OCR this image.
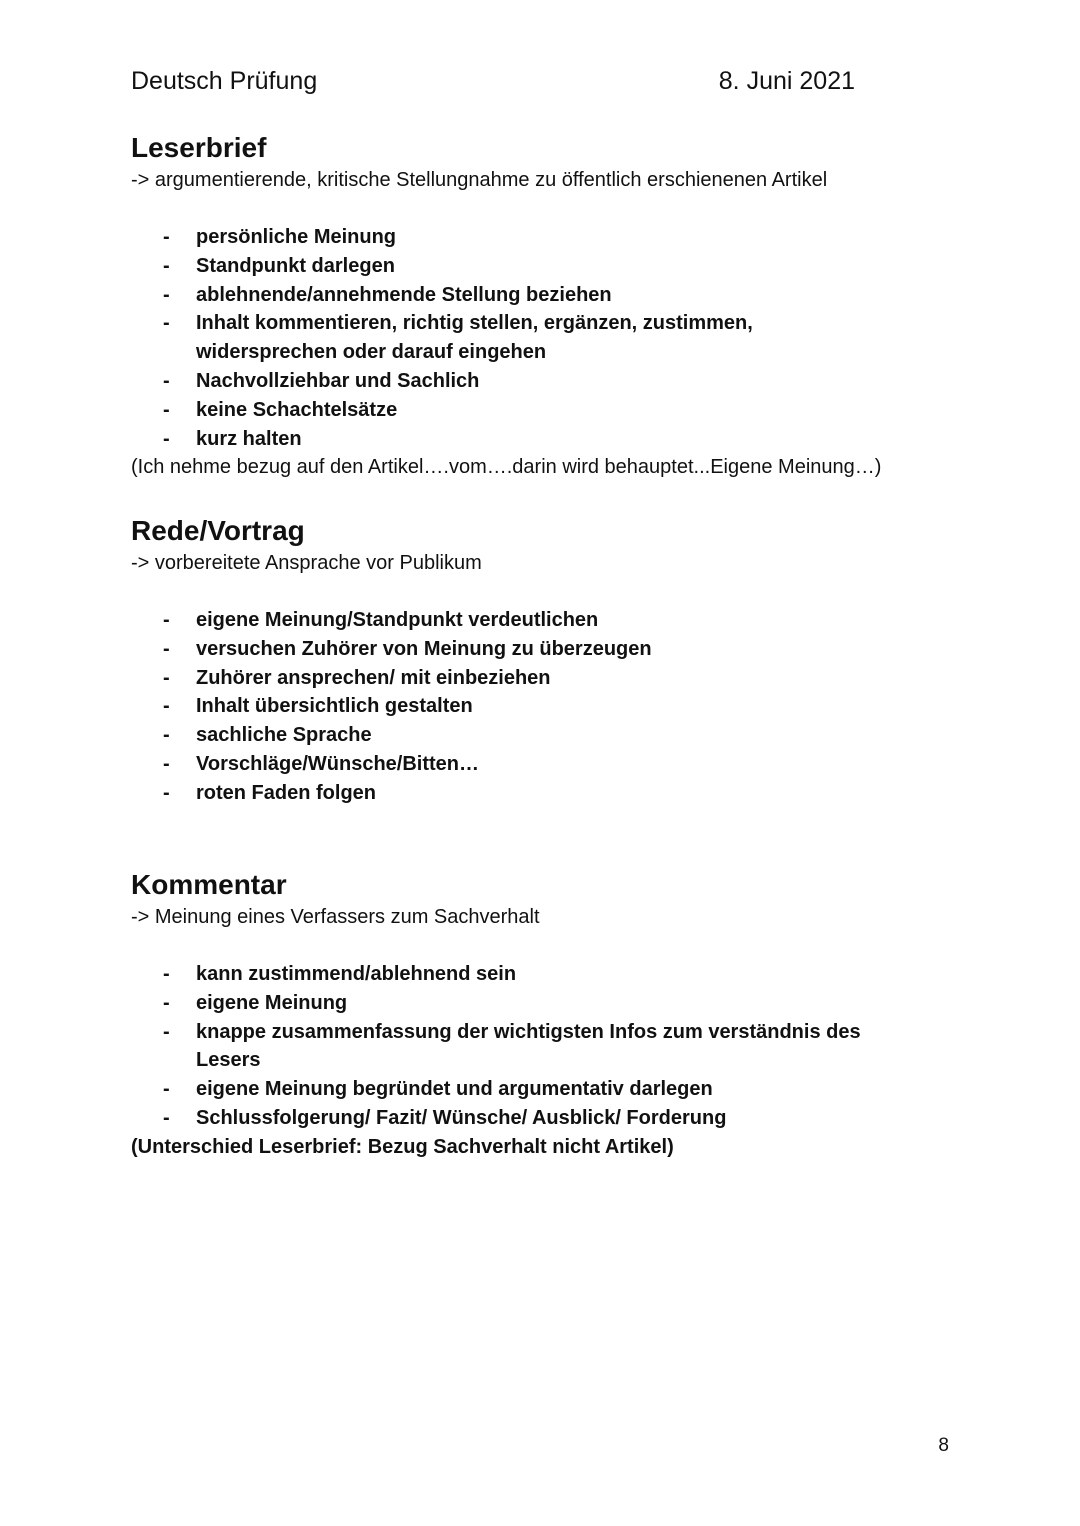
Deutsch Prüfung	8. Juni 2021
Leserbrief
-> argumentierende, kritische Stellungnahme zu öffentlich erschienenen Artikel
- persönliche Meinung
- Standpunkt darlegen
- ablehnende/annehmende Stellung beziehen
- Inhalt kommentieren, richtig stellen, ergänzen, zustimmen, widersprechen oder darauf eingehen
- Nachvollziehbar und Sachlich
- keine Schachtelsätze
- kurz halten
(Ich nehme bezug auf den Artikel….vom….darin wird behauptet...Eigene Meinung…)
Rede/Vortrag
-> vorbereitete Ansprache vor Publikum
- eigene Meinung/Standpunkt verdeutlichen
- versuchen Zuhörer von Meinung zu überzeugen
- Zuhörer ansprechen/ mit einbeziehen
- Inhalt übersichtlich gestalten
- sachliche Sprache
- Vorschläge/Wünsche/Bitten…
- roten Faden folgen
Kommentar
-> Meinung eines Verfassers zum Sachverhalt
- kann zustimmend/ablehnend sein
- eigene Meinung
- knappe zusammenfassung der wichtigsten Infos zum verständnis des Lesers
- eigene Meinung begründet und argumentativ darlegen
- Schlussfolgerung/ Fazit/ Wünsche/ Ausblick/ Forderung
(Unterschied Leserbrief: Bezug Sachverhalt nicht Artikel)
8
